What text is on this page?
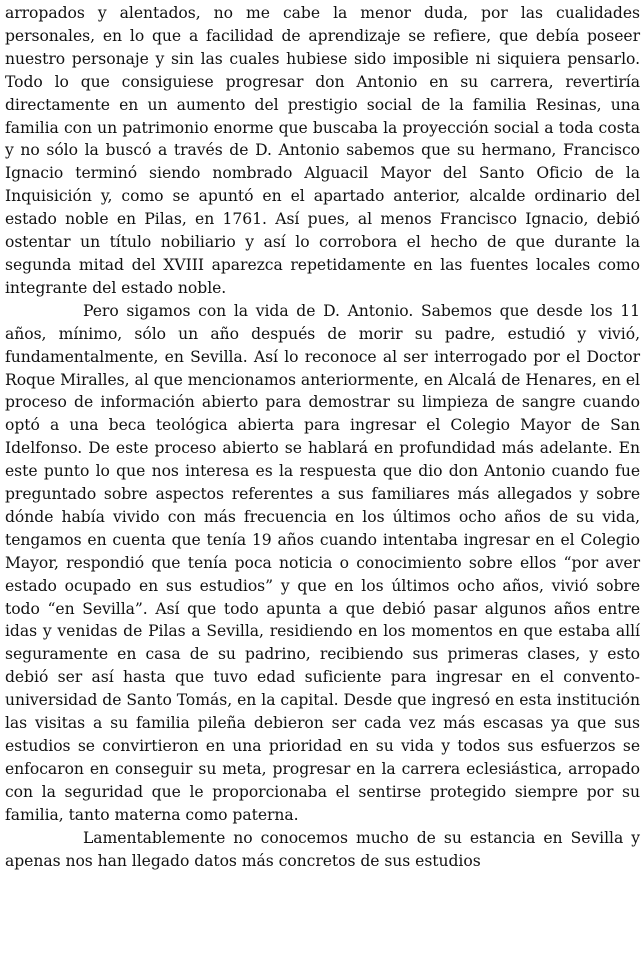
arropados y alentados, no me cabe la menor duda, por las cualidades personales, en lo que a facilidad de aprendizaje se refiere, que debía poseer nuestro personaje y sin las cuales hubiese sido imposible ni siquiera pensarlo. Todo lo que consiguiese progresar don Antonio en su carrera, revertiría directamente en un aumento del prestigio social de la familia Resinas, una familia con un patrimonio enorme que buscaba la proyección social a toda costa y no sólo la buscó a través de D. Antonio sabemos que su hermano, Francisco Ignacio terminó siendo nombrado Alguacil Mayor del Santo Oficio de la Inquisición y, como se apuntó en el apartado anterior, alcalde ordinario del estado noble en Pilas, en 1761. Así pues, al menos Francisco Ignacio, debió ostentar un título nobiliario y así lo corrobora el hecho de que durante la segunda mitad del XVIII aparezca repetidamente en las fuentes locales como integrante del estado noble.

Pero sigamos con la vida de D. Antonio. Sabemos que desde los 11 años, mínimo, sólo un año después de morir su padre, estudió y vivió, fundamentalmente, en Sevilla. Así lo reconoce al ser interrogado por el Doctor Roque Miralles, al que mencionamos anteriormente, en Alcalá de Henares, en el proceso de información abierto para demostrar su limpieza de sangre cuando optó a una beca teológica abierta para ingresar el Colegio Mayor de San Idelfonso. De este proceso abierto se hablará en profundidad más adelante. En este punto lo que nos interesa es la respuesta que dio don Antonio cuando fue preguntado sobre aspectos referentes a sus familiares más allegados y sobre dónde había vivido con más frecuencia en los últimos ocho años de su vida, tengamos en cuenta que tenía 19 años cuando intentaba ingresar en el Colegio Mayor, respondió que tenía poca noticia o conocimiento sobre ellos “por aver estado ocupado en sus estudios” y que en los últimos ocho años, vivió sobre todo “en Sevilla”. Así que todo apunta a que debió pasar algunos años entre idas y venidas de Pilas a Sevilla, residiendo en los momentos en que estaba allí seguramente en casa de su padrino, recibiendo sus primeras clases, y esto debió ser así hasta que tuvo edad suficiente para ingresar en el convento-universidad de Santo Tomás, en la capital. Desde que ingresó en esta institución las visitas a su familia pileña debieron ser cada vez más escasas ya que sus estudios se convirtieron en una prioridad en su vida y todos sus esfuerzos se enfocaron en conseguir su meta, progresar en la carrera eclesiástica, arropado con la seguridad que le proporcionaba el sentirse protegido siempre por su familia, tanto materna como paterna.

Lamentablemente no conocemos mucho de su estancia en Sevilla y apenas nos han llegado datos más concretos de sus estudios
